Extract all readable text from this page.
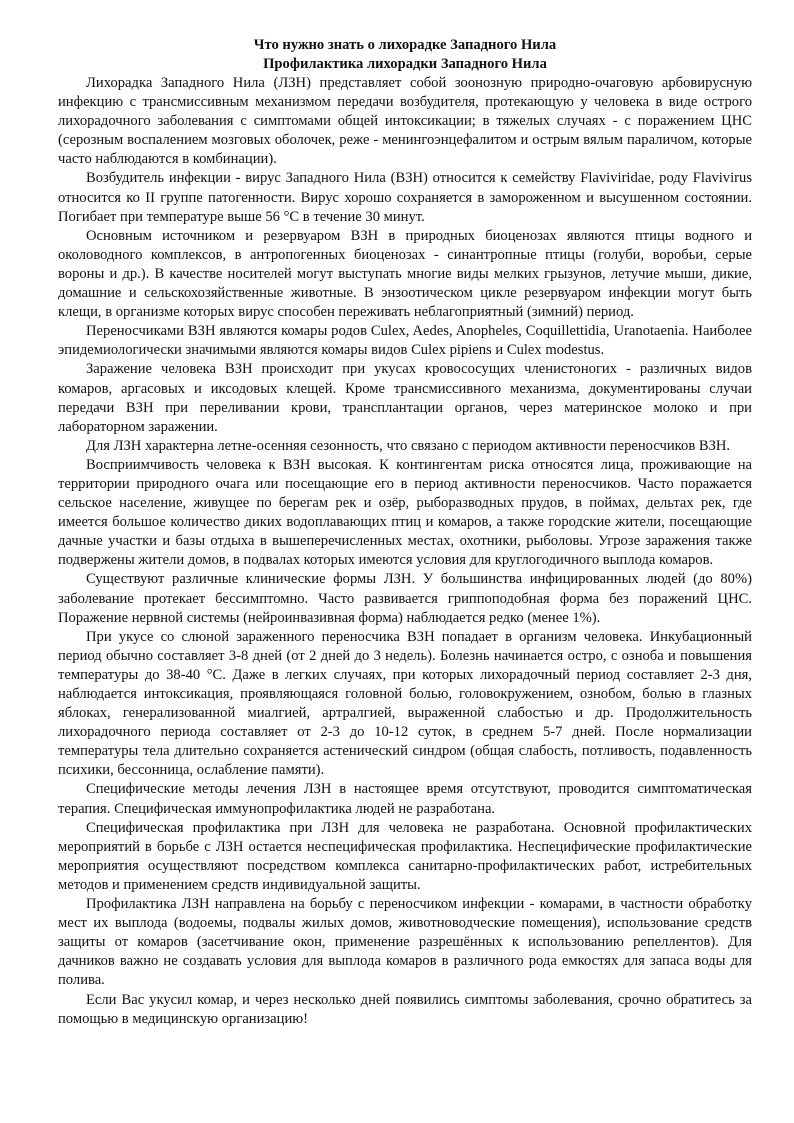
Что нужно знать о лихорадке Западного Нила

Профилактика лихорадки Западного Нила

Лихорадка Западного Нила (ЛЗН) представляет собой зоонозную природно-очаговую арбовирусную инфекцию с трансмиссивным механизмом передачи возбудителя, протекающую у человека в виде острого лихорадочного заболевания с симптомами общей интоксикации; в тяжелых случаях - с поражением ЦНС (серозным воспалением мозговых оболочек, реже - менингоэнцефалитом и острым вялым параличом, которые часто наблюдаются в комбинации).

Возбудитель инфекции - вирус Западного Нила (ВЗН) относится к семейству Flaviviridae, роду Flavivirus относится ко II группе патогенности. Вирус хорошо сохраняется в замороженном и высушенном состоянии. Погибает при температуре выше 56 °С в течение 30 минут.

Основным источником и резервуаром ВЗН в природных биоценозах являются птицы водного и околоводного комплексов, в антропогенных биоценозах - синантропные птицы (голуби, воробьи, серые вороны и др.). В качестве носителей могут выступать многие виды мелких грызунов, летучие мыши, дикие, домашние и сельскохозяйственные животные. В энзоотическом цикле резервуаром инфекции могут быть клещи, в организме которых вирус способен переживать неблагоприятный (зимний) период.

Переносчиками ВЗН являются комары родов Culex, Aedes, Anopheles, Coquillettidia, Uranotaenia. Наиболее эпидемиологически значимыми являются комары видов Culex pipiens и Culex modestus.

Заражение человека ВЗН происходит при укусах кровососущих членистоногих - различных видов комаров, аргасовых и иксодовых клещей. Кроме трансмиссивного механизма, документированы случаи передачи ВЗН при переливании крови, трансплантации органов, через материнское молоко и при лабораторном заражении.

Для ЛЗН характерна летне-осенняя сезонность, что связано с периодом активности переносчиков ВЗН.

Восприимчивость человека к ВЗН высокая. К контингентам риска относятся лица, проживающие на территории природного очага или посещающие его в период активности переносчиков. Часто поражается сельское население, живущее по берегам рек и озёр, рыборазводных прудов, в поймах, дельтах рек, где имеется большое количество диких водоплавающих птиц и комаров, а также городские жители, посещающие дачные участки и базы отдыха в вышеперечисленных местах, охотники, рыболовы. Угрозе заражения также подвержены жители домов, в подвалах которых имеются условия для круглогодичного выплода комаров.

Существуют различные клинические формы ЛЗН. У большинства инфицированных людей (до 80%) заболевание протекает бессимптомно. Часто развивается гриппоподобная форма без поражений ЦНС. Поражение нервной системы (нейроинвазивная форма) наблюдается редко (менее 1%).

При укусе со слюной зараженного переносчика ВЗН попадает в организм человека. Инкубационный период обычно составляет 3-8 дней (от 2 дней до 3 недель). Болезнь начинается остро, с озноба и повышения температуры до 38-40 °С. Даже в легких случаях, при которых лихорадочный период составляет 2-3 дня, наблюдается интоксикация, проявляющаяся головной болью, головокружением, ознобом, болью в глазных яблоках, генерализованной миалгией, артралгией, выраженной слабостью и др. Продолжительность лихорадочного периода составляет от 2-3 до 10-12 суток, в среднем 5-7 дней. После нормализации температуры тела длительно сохраняется астенический синдром (общая слабость, потливость, подавленность психики, бессонница, ослабление памяти).

Специфические методы лечения ЛЗН в настоящее время отсутствуют, проводится симптоматическая терапия. Специфическая иммунопрофилактика людей не разработана.

Специфическая профилактика при ЛЗН для человека не разработана. Основной профилактических мероприятий в борьбе с ЛЗН остается неспецифическая профилактика. Неспецифические профилактические мероприятия осуществляют посредством комплекса санитарно-профилактических работ, истребительных методов и применением средств индивидуальной защиты.

Профилактика ЛЗН направлена на борьбу с переносчиком инфекции - комарами, в частности обработку мест их выплода (водоемы, подвалы жилых домов, животноводческие помещения), использование средств защиты от комаров (засетчивание окон, применение разрешённых к использованию репеллентов). Для дачников важно не создавать условия для выплода комаров в различного рода емкостях для запаса воды для полива.

Если Вас укусил комар, и через несколько дней появились симптомы заболевания, срочно обратитесь за помощью в медицинскую организацию!
